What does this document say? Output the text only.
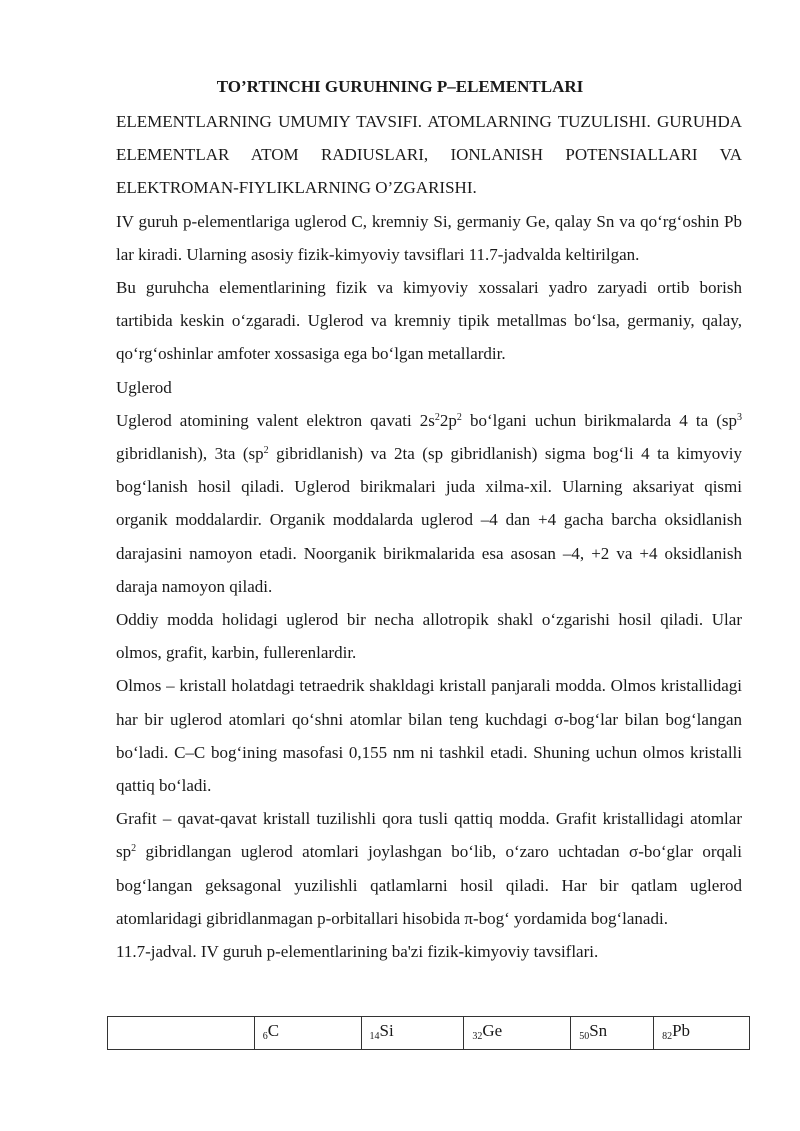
TO’RTINCHI GURUHNING P–ELEMENTLARI

ELEMENTLARNING UMUMIY TAVSIFI. ATOMLARNING TUZULISHI. GURUHDA ELEMENTLAR ATOM RADIUSLARI, IONLANISH POTENSIALLARI VA ELEKTROMAN-FIYLIKLARNING O’ZGARISHI.

IV guruh p-elementlariga uglerod C, kremniy Si, germaniy Ge, qalay Sn va qo‘rg‘oshin Pb lar kiradi. Ularning asosiy fizik-kimyoviy tavsiflari 11.7-jadvalda keltirilgan.

Bu guruhcha elementlarining fizik va kimyoviy xossalari yadro zaryadi ortib borish tartibida keskin o‘zgaradi. Uglerod va kremniy tipik metallmas bo‘lsa, germaniy, qalay, qo‘rg‘oshinlar amfoter xossasiga ega bo‘lgan metallardir.

Uglerod

Uglerod atomining valent elektron qavati $2s^22p^2$ bo‘lgani uchun birikmalarda 4 ta ($sp^3$ gibridlanish), 3ta ($sp^2$ gibridlanish) va 2ta (sp gibridlanish) sigma bog‘li 4 ta kimyoviy bog‘lanish hosil qiladi. Uglerod birikmalari juda xilma-xil. Ularning aksariyat qismi organik moddalardir. Organik moddalarda uglerod –4 dan +4 gacha barcha oksidlanish darajasini namoyon etadi. Noorganik birikmalarida esa asosan –4, +2 va +4 oksidlanish daraja namoyon qiladi.

Oddiy modda holidagi uglerod bir necha allotropik shakl o‘zgarishi hosil qiladi. Ular olmos, grafit, karbin, fullerenlardir.

Olmos – kristall holatdagi tetraedrik shakldagi kristall panjarali modda. Olmos kristallidagi har bir uglerod atomlari qo‘shni atomlar bilan teng kuchdagi σ-bog‘lar bilan bog‘langan bo‘ladi. C–C bog‘ining masofasi 0,155 nm ni tashkil etadi. Shuning uchun olmos kristalli qattiq bo‘ladi.

Grafit – qavat-qavat kristall tuzilishli qora tusli qattiq modda. Grafit kristallidagi atomlar $sp^2$ gibridlangan uglerod atomlari joylashgan bo‘lib, o‘zaro uchtadan σ-bo‘glar orqali bog‘langan geksagonal yuzilishli qatlamlarni hosil qiladi. Har bir qatlam uglerod atomlaridagi gibridlanmagan p-orbitallari hisobida π-bog‘ yordamida bog‘lanadi.

11.7-jadval. IV guruh p-elementlarining ba'zi fizik-kimyoviy tavsiflari.

	$_6$C	$_{14}$Si	$_{32}$Ge	$_{50}$Sn	$_{82}$Pb
